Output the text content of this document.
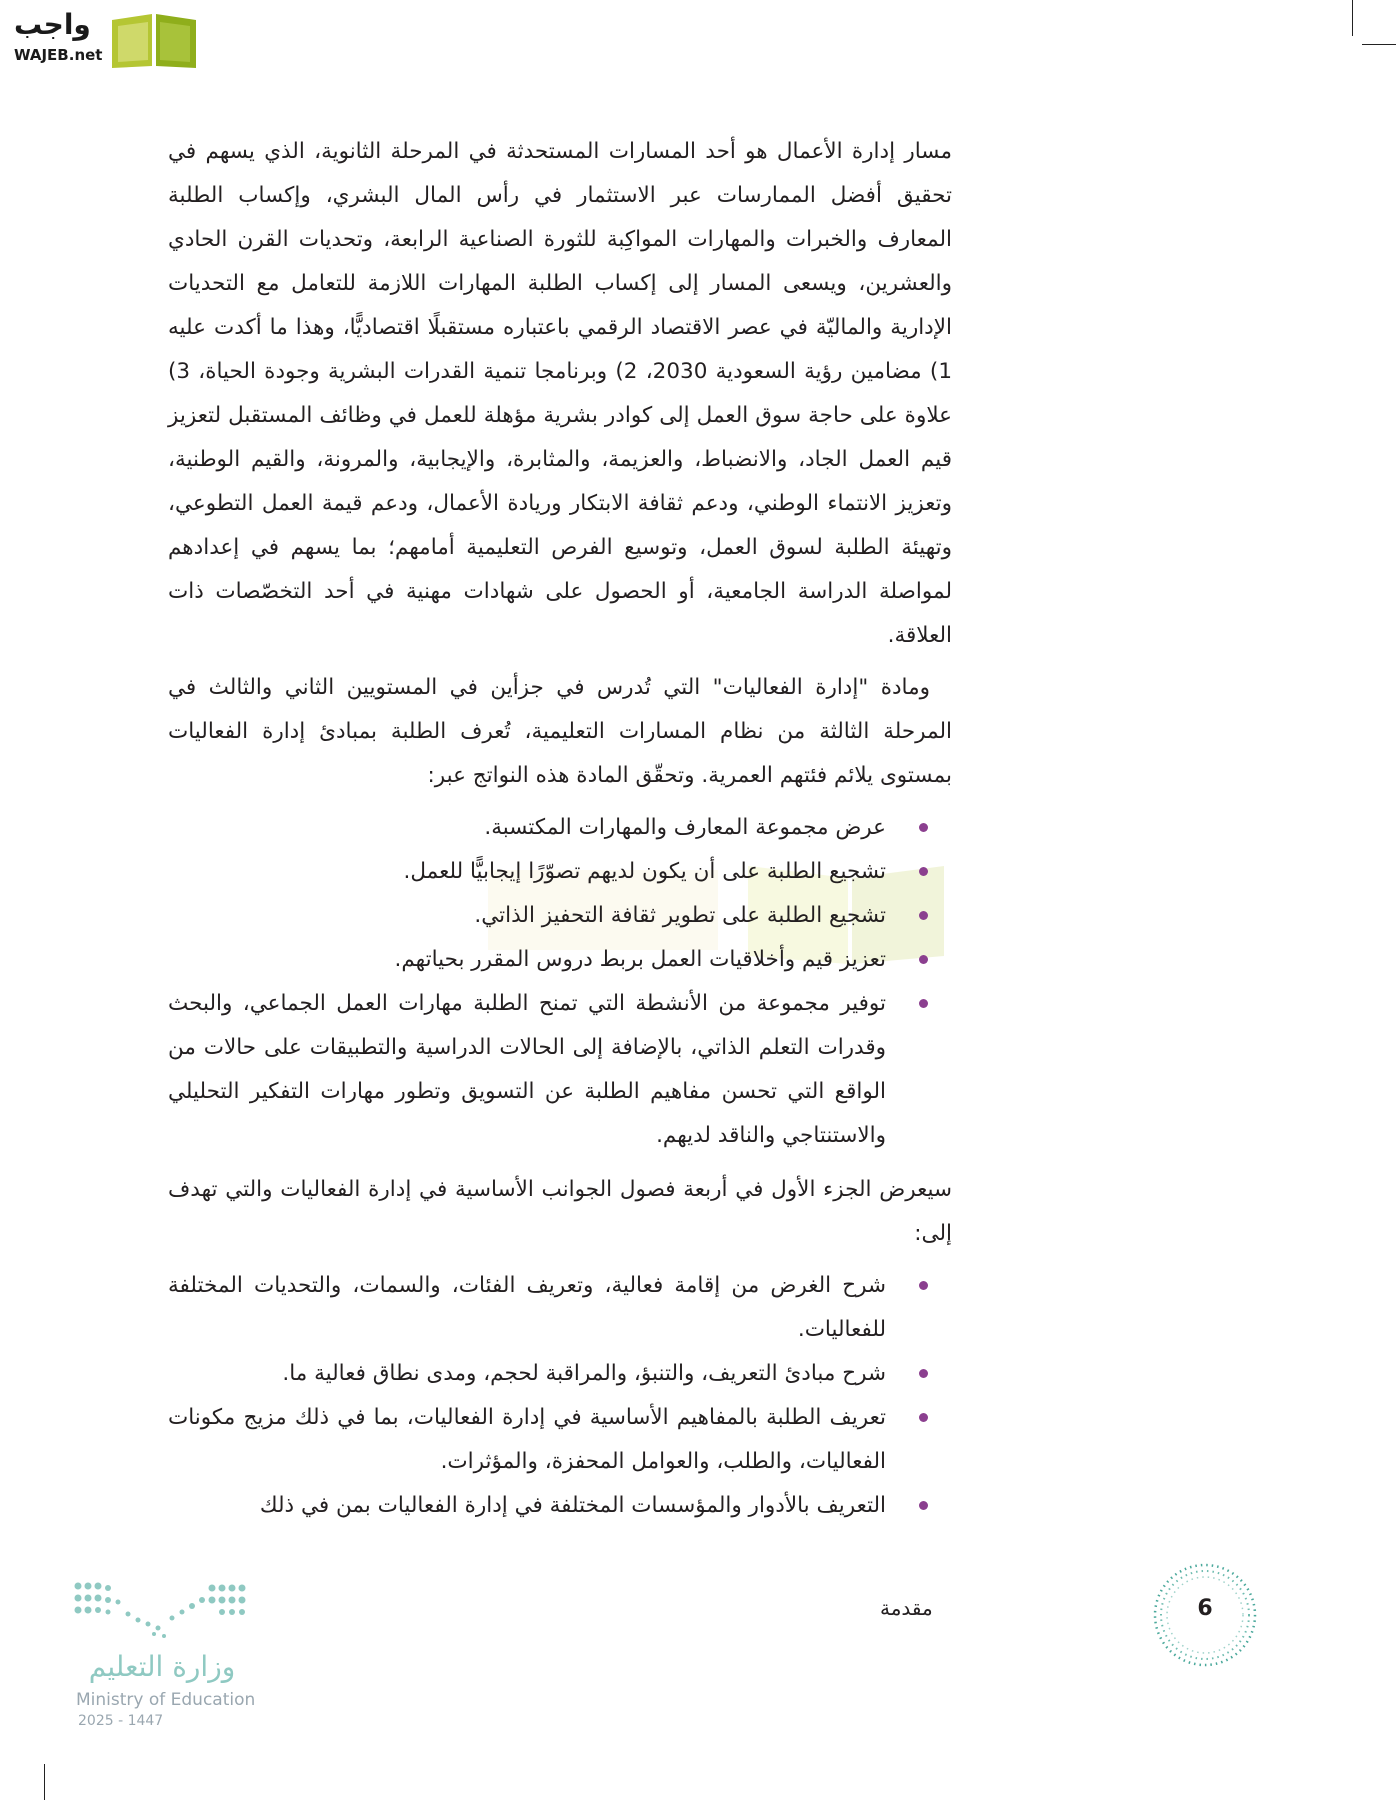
واجب
WAJEB.net

مسار إدارة الأعمال هو أحد المسارات المستحدثة في المرحلة الثانوية، الذي يسهم في تحقيق أفضل الممارسات عبر الاستثمار في رأس المال البشري، وإكساب الطلبة المعارف والخبرات والمهارات المواكِبة للثورة الصناعية الرابعة، وتحديات القرن الحادي والعشرين، ويسعى المسار إلى إكساب الطلبة المهارات اللازمة للتعامل مع التحديات الإدارية والماليّة في عصر الاقتصاد الرقمي باعتباره مستقبلًا اقتصاديًّا، وهذا ما أكدت عليه 1) مضامين رؤية السعودية 2030، 2) وبرنامجا تنمية القدرات البشرية وجودة الحياة، 3) علاوة على حاجة سوق العمل إلى كوادر بشرية مؤهلة للعمل في وظائف المستقبل لتعزيز قيم العمل الجاد، والانضباط، والعزيمة، والمثابرة، والإيجابية، والمرونة، والقيم الوطنية، وتعزيز الانتماء الوطني، ودعم ثقافة الابتكار وريادة الأعمال، ودعم قيمة العمل التطوعي، وتهيئة الطلبة لسوق العمل، وتوسيع الفرص التعليمية أمامهم؛ بما يسهم في إعدادهم لمواصلة الدراسة الجامعية، أو الحصول على شهادات مهنية في أحد التخصّصات ذات العلاقة.

ومادة "إدارة الفعاليات" التي تُدرس في جزأين في المستويين الثاني والثالث في المرحلة الثالثة من نظام المسارات التعليمية، تُعرف الطلبة بمبادئ إدارة الفعاليات بمستوى يلائم فئتهم العمرية. وتحقّق المادة هذه النواتج عبر:

عرض مجموعة المعارف والمهارات المكتسبة.
تشجيع الطلبة على أن يكون لديهم تصوّرًا إيجابيًّا للعمل.
تشجيع الطلبة على تطوير ثقافة التحفيز الذاتي.
تعزيز قيم وأخلاقيات العمل بربط دروس المقرر بحياتهم.
توفير مجموعة من الأنشطة التي تمنح الطلبة مهارات العمل الجماعي، والبحث وقدرات التعلم الذاتي، بالإضافة إلى الحالات الدراسية والتطبيقات على حالات من الواقع التي تحسن مفاهيم الطلبة عن التسويق وتطور مهارات التفكير التحليلي والاستنتاجي والناقد لديهم.

سيعرض الجزء الأول في أربعة فصول الجوانب الأساسية في إدارة الفعاليات والتي تهدف إلى:

شرح الغرض من إقامة فعالية، وتعريف الفئات، والسمات، والتحديات المختلفة للفعاليات.
شرح مبادئ التعريف، والتنبؤ، والمراقبة لحجم، ومدى نطاق فعالية ما.
تعريف الطلبة بالمفاهيم الأساسية في إدارة الفعاليات، بما في ذلك مزيج مكونات الفعاليات، والطلب، والعوامل المحفزة، والمؤثرات.
التعريف بالأدوار والمؤسسات المختلفة في إدارة الفعاليات بمن في ذلك
مقدمة	6
وزارة التعليم
Ministry of Education
2025 - 1447
